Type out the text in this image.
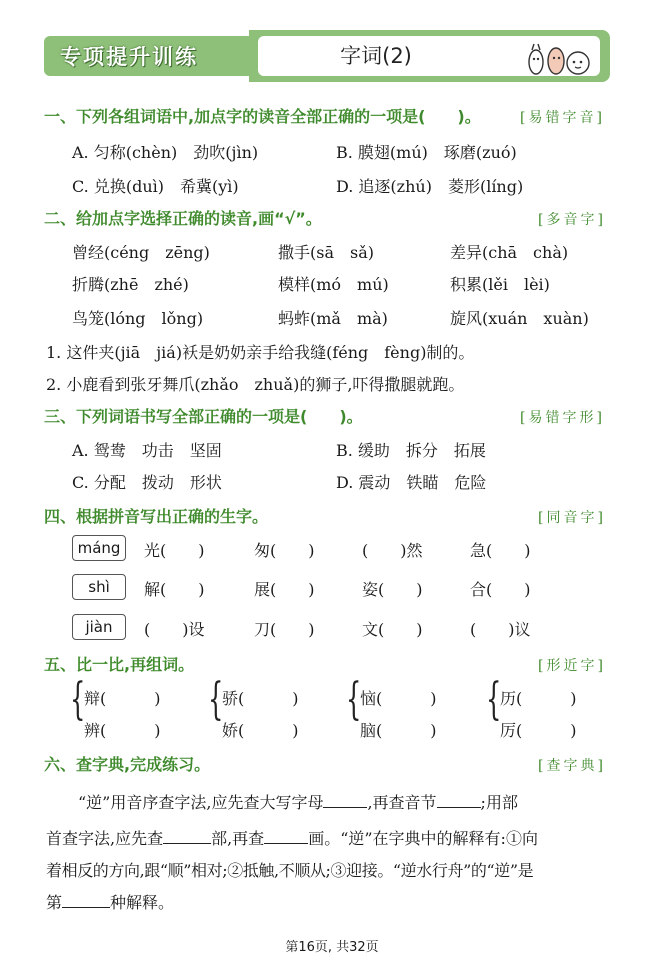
专项提升训练	字词(2)
一、下列各组词语中,加点字的读音全部正确的一项是(　　)。	[易错字音]
A. 匀称(chèn)　劲吹(jìn)	B. 膜翅(mú)　琢磨(zuó)
C. 兑换(duì)　希冀(yì)	D. 追逐(zhú)　菱形(líng)
二、给加点字选择正确的读音,画“√”。	[多音字]
曾经(céng　zēng)	撒手(sā　sǎ)	差异(chā　chà)
折腾(zhē　zhé)	模样(mó　mú)	积累(lěi　lèi)
鸟笼(lóng　lǒng)	蚂蚱(mǎ　mà)	旋风(xuán　xuàn)
1. 这件夹(jiā　jiá)袄是奶奶亲手给我缝(féng　fèng)制的。
2. 小鹿看到张牙舞爪(zhǎo　zhuǎ)的狮子,吓得撒腿就跑。
三、下列词语书写全部正确的一项是(　　)。	[易错字形]
A. 鸳鸯　功击　坚固	B. 缓助　拆分　拓展
C. 分配　拨动　形状	D. 震动　铁瞄　危险
四、根据拼音写出正确的生字。	[同音字]
máng	光(　　)	匆(　　)	(　　)然	急(　　)
shì	解(　　)	展(　　)	姿(　　)	合(　　)
jiàn	(　　)设	刀(　　)	文(　　)	(　　)议
五、比一比,再组词。	[形近字]
{
辩(　　　)
辨(　　　)
{
骄(　　　)
娇(　　　)
{
恼(　　　)
脑(　　　)
{
历(　　　)
厉(　　　)
六、查字典,完成练习。	[查字典]
“逆”用音序查字法,应先查大写字母	,再查音节	;用部
首查字法,应先查	部,再查	画。“逆”在字典中的解释有:①向
着相反的方向,跟“顺”相对;②抵触,不顺从;③迎接。“逆水行舟”的“逆”是
第	种解释。
第16页, 共32页
